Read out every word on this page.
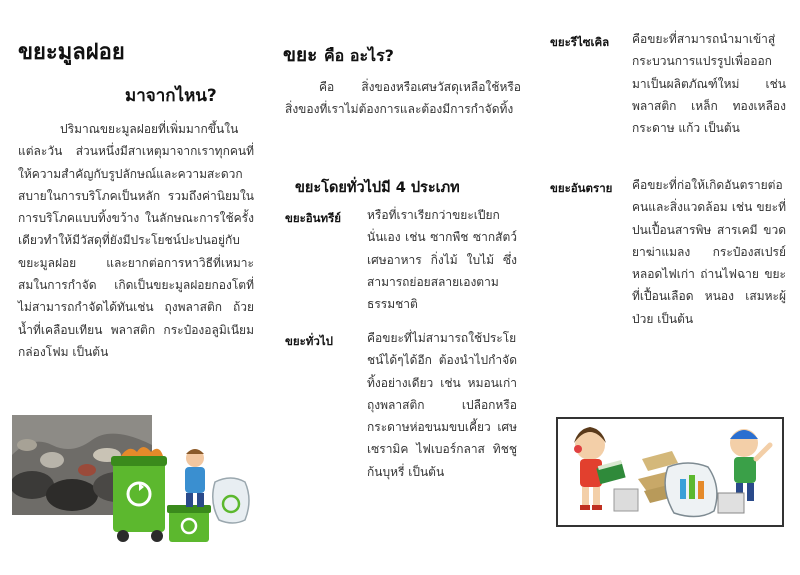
ขยะมูลฝอย
มาจากไหน?
ปริมาณขยะมูลฝอยที่เพิ่มมากขึ้นในแต่ละวัน ส่วนหนึ่งมีสาเหตุมาจากเราทุกคนที่ให้ความสำคัญกับรูปลักษณ์และความสะดวกสบายในการบริโภคเป็นหลัก รวมถึงค่านิยมในการบริโภคแบบทิ้งขว้าง ในลักษณะการใช้ครั้งเดียวทำให้มีวัสดุที่ยังมีประโยชน์ปะปนอยู่กับขยะมูลฝอย และยากต่อการหาวิธีที่เหมาะสมในการกำจัด เกิดเป็นขยะมูลฝอยกองโตที่ไม่สามารถกำจัดได้ทันเช่น ถุงพลาสติก ถ้วยน้ำที่เคลือบเทียน พลาสติก กระป๋องอลูมิเนียม กล่องโฟม เป็นต้น
ขยะ คือ อะไร?
คือ สิ่งของหรือเศษวัสดุเหลือใช้หรือสิ่งของที่เราไม่ต้องการและต้องมีการกำจัดทิ้ง
ขยะโดยทั่วไปมี 4 ประเภท
ขยะอินทรีย์ หรือที่เราเรียกว่าขยะเปียกนั่นเอง เช่น ซากพืช ซากสัตว์ เศษอาหาร กิ่งไม้ ใบไม้ ซึ่งสามารถย่อยสลายเองตามธรรมชาติ
ขยะทั่วไป	คือขยะที่ไม่สามารถใช้ประโยชน์ได้ๆได้อีก ต้องนำไปกำจัดทิ้งอย่างเดียว เช่น หมอนเก่า ถุงพลาสติก เปลือกหรือกระดาษห่อขนมขบเคี้ยว เศษเซรามิค ไฟเบอร์กลาส ทิชชู ก้นบุหรี่ เป็นต้น
ขยะรีไซเคิล คือขยะที่สามารถนำมาเข้าสู่กระบวนการแปรรูปเพื่อออกมาเป็นผลิตภัณฑ์ใหม่ เช่น พลาสติก เหล็ก ทองเหลือง กระดาษ แก้ว เป็นต้น
ขยะอันตราย คือขยะที่ก่อให้เกิดอันตรายต่อคนและสิ่งแวดล้อม เช่น ขยะที่ปนเปื้อนสารพิษ สารเคมี ขวดยาฆ่าแมลง กระป๋องสเปรย์ หลอดไฟเก่า ถ่านไฟฉาย ขยะที่เปื้อนเลือด หนอง เสมหะผู้ป่วย เป็นต้น
